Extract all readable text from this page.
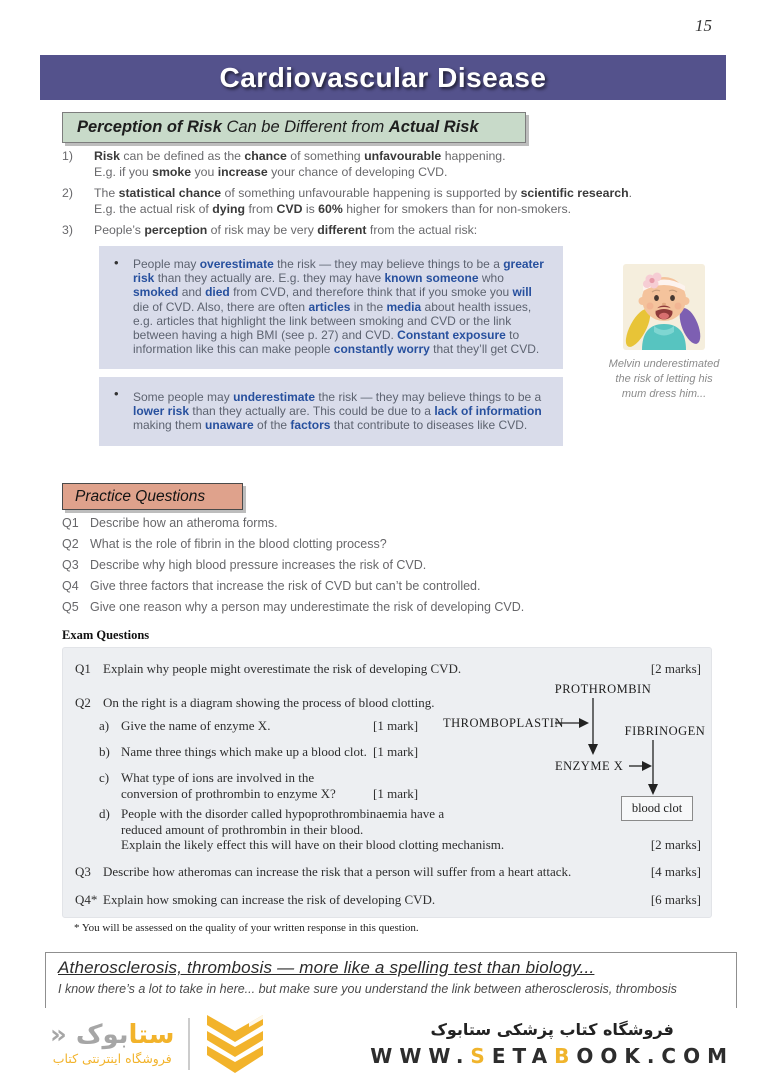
15
Cardiovascular Disease
Perception of Risk Can be Different from Actual Risk
1)	Risk can be defined as the chance of something unfavourable happening.
E.g. if you smoke you increase your chance of developing CVD.
2)	The statistical chance of something unfavourable happening is supported by scientific research.
E.g. the actual risk of dying from CVD is 60% higher for smokers than for non-smokers.
3)	People’s perception of risk may be very different from the actual risk:
• People may overestimate the risk — they may believe things to be a greater
risk than they actually are. E.g. they may have known someone who
smoked and died from CVD, and therefore think that if you smoke you will
die of CVD. Also, there are often articles in the media about health issues,
e.g. articles that highlight the link between smoking and CVD or the link
between having a high BMI (see p. 27) and CVD. Constant exposure to
information like this can make people constantly worry that they’ll get CVD.
Melvin underestimated
the risk of letting his
mum dress him...
• Some people may underestimate the risk — they may believe things to be a
lower risk than they actually are. This could be due to a lack of information
making them unaware of the factors that contribute to diseases like CVD.
Practice Questions
Q1 Describe how an atheroma forms.
Q2 What is the role of fibrin in the blood clotting process?
Q3 Describe why high blood pressure increases the risk of CVD.
Q4 Give three factors that increase the risk of CVD but can’t be controlled.
Q5 Give one reason why a person may underestimate the risk of developing CVD.
Exam Questions
Q1 Explain why people might overestimate the risk of developing CVD.	[2 marks]
Q2 On the right is a diagram showing the process of blood clotting.
a) Give the name of enzyme X.	[1 mark]
b) Name three things which make up a blood clot. [1 mark]
c) What type of ions are involved in the
conversion of prothrombin to enzyme X?	[1 mark]
d) People with the disorder called hypoprothrombinaemia have a
reduced amount of prothrombin in their blood.
Explain the likely effect this will have on their blood clotting mechanism.	[2 marks]
Q3 Describe how atheromas can increase the risk that a person will suffer from a heart attack.	[4 marks]
Q4* Explain how smoking can increase the risk of developing CVD.	[6 marks]
PROTHROMBIN
THROMBOPLASTIN
FIBRINOGEN
ENZYME X
blood clot
* You will be assessed on the quality of your written response in this question.
Atherosclerosis, thrombosis — more like a spelling test than biology...
I know there’s a lot to take in here... but make sure you understand the link between atherosclerosis, thrombosis
ستابوک «
فروشگاه اینترنتی کتاب
فروشگاه کتاب پزشکی ستابوک
WWW.SETABOOK.COM
